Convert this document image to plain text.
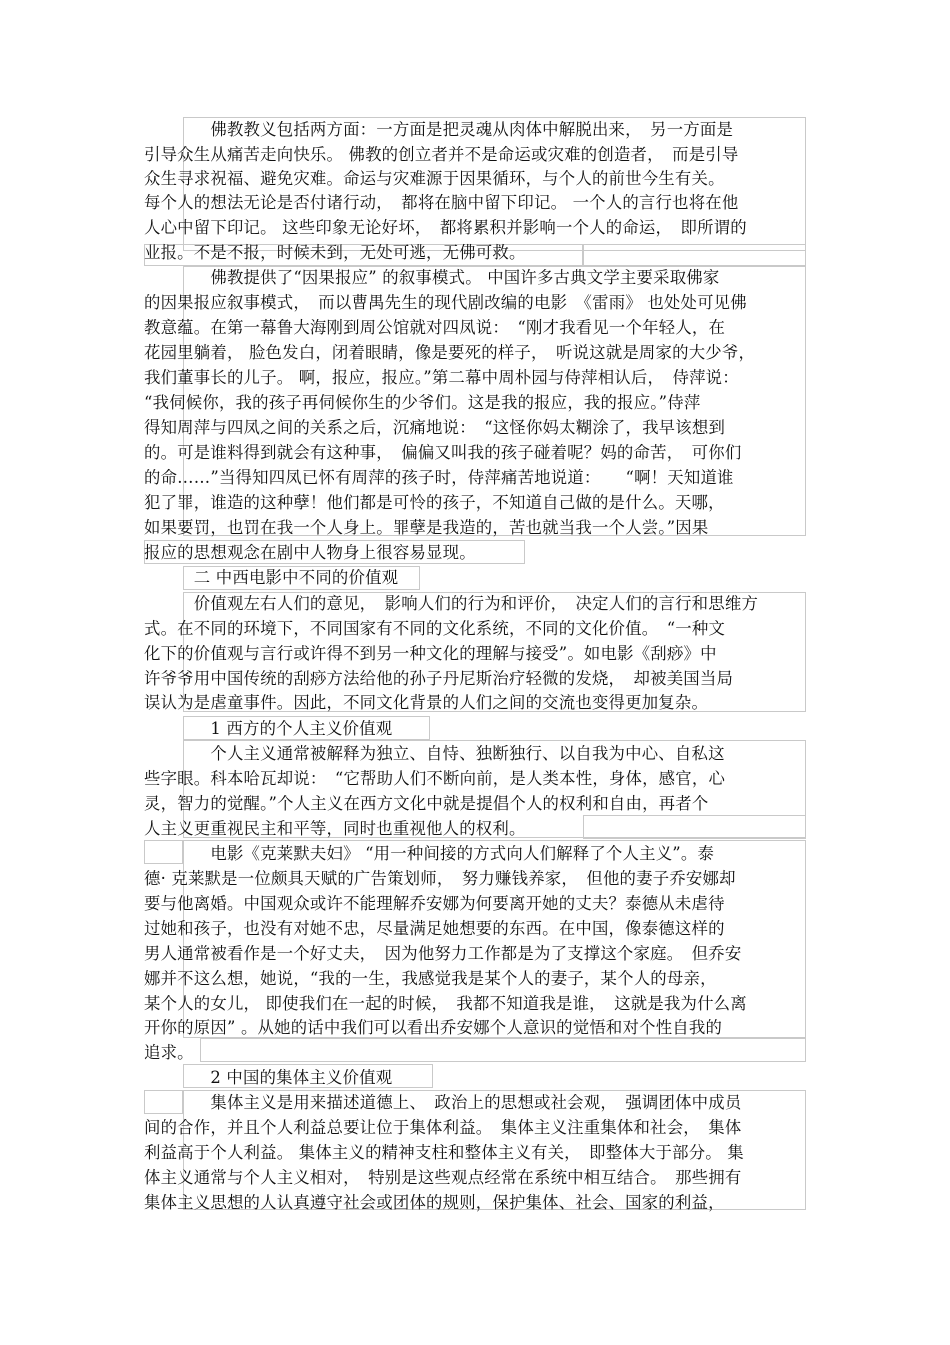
　　　　佛教教义包括两方面：一方面是把灵魂从肉体中解脱出来，　另一方面是
引导众生从痛苦走向快乐。 佛教的创立者并不是命运或灾难的创造者，　而是引导
众生寻求祝福、避免灾难。命运与灾难源于因果循环，与个人的前世今生有关。
每个人的想法无论是否付诸行动，　都将在脑中留下印记。 一个人的言行也将在他
人心中留下印记。 这些印象无论好坏，　都将累积并影响一个人的命运，　即所谓的
业报。不是不报，时候未到，无处可逃，无佛可救。
　　　　佛教提供了“因果报应” 的叙事模式。 中国许多古典文学主要采取佛家
的因果报应叙事模式，　而以曹禺先生的现代剧改编的电影　《雷雨》 也处处可见佛
教意蕴。在第一幕鲁大海刚到周公馆就对四凤说：　“刚才我看见一个年轻人，在
花园里躺着， 脸色发白，闭着眼睛，像是要死的样子，　听说这就是周家的大少爷，
我们董事长的儿子。 啊，报应，报应。”第二幕中周朴园与侍萍相认后，　侍萍说：
“我伺候你，我的孩子再伺候你生的少爷们。这是我的报应，我的报应。”侍萍
得知周萍与四凤之间的关系之后，沉痛地说：　“这怪你妈太糊涂了，我早该想到
的。可是谁料得到就会有这种事，　偏偏又叫我的孩子碰着呢？妈的命苦，　可你们
的命……”当得知四凤已怀有周萍的孩子时，侍萍痛苦地说道：　　“啊！天知道谁
犯了罪，谁造的这种孽！他们都是可怜的孩子，不知道自己做的是什么。天哪，
如果要罚，也罚在我一个人身上。罪孽是我造的，苦也就当我一个人尝。”因果
报应的思想观念在剧中人物身上很容易显现。
　　　二 中西电影中不同的价值观
　　　价值观左右人们的意见，　影响人们的行为和评价，　决定人们的言行和思维方
式。在不同的环境下，不同国家有不同的文化系统，不同的文化价值。　“一种文
化下的价值观与言行或许得不到另一种文化的理解与接受”。如电影《刮痧》中
许爷爷用中国传统的刮痧方法给他的孙子丹尼斯治疗轻微的发烧，　却被美国当局
误认为是虐童事件。因此，不同文化背景的人们之间的交流也变得更加复杂。
　　　　1 西方的个人主义价值观
　　　　个人主义通常被解释为独立、自恃、独断独行、以自我为中心、自私这
些字眼。科本哈瓦却说：　“它帮助人们不断向前，是人类本性，身体，感官，心
灵，智力的觉醒。”个人主义在西方文化中就是提倡个人的权利和自由，再者个
人主义更重视民主和平等，同时也重视他人的权利。
　　　　电影《克莱默夫妇》 “用一种间接的方式向人们解释了个人主义”。泰
德· 克莱默是一位颇具天赋的广告策划师，　努力赚钱养家，　但他的妻子乔安娜却
要与他离婚。中国观众或许不能理解乔安娜为何要离开她的丈夫？泰德从未虐待
过她和孩子，也没有对她不忠，尽量满足她想要的东西。在中国，像泰德这样的
男人通常被看作是一个好丈夫，　因为他努力工作都是为了支撑这个家庭。　但乔安
娜并不这么想，她说，“我的一生，我感觉我是某个人的妻子，某个人的母亲，
某个人的女儿， 即使我们在一起的时候，　我都不知道我是谁，　这就是我为什么离
开你的原因” 。从她的话中我们可以看出乔安娜个人意识的觉悟和对个性自我的
追求。
　　　　2 中国的集体主义价值观
　　　　集体主义是用来描述道德上、　政治上的思想或社会观，　强调团体中成员
间的合作，并且个人利益总要让位于集体利益。　集体主义注重集体和社会，　集体
利益高于个人利益。 集体主义的精神支柱和整体主义有关，　即整体大于部分。 集
体主义通常与个人主义相对，　特别是这些观点经常在系统中相互结合。　那些拥有
集体主义思想的人认真遵守社会或团体的规则，保护集体、社会、国家的利益，
